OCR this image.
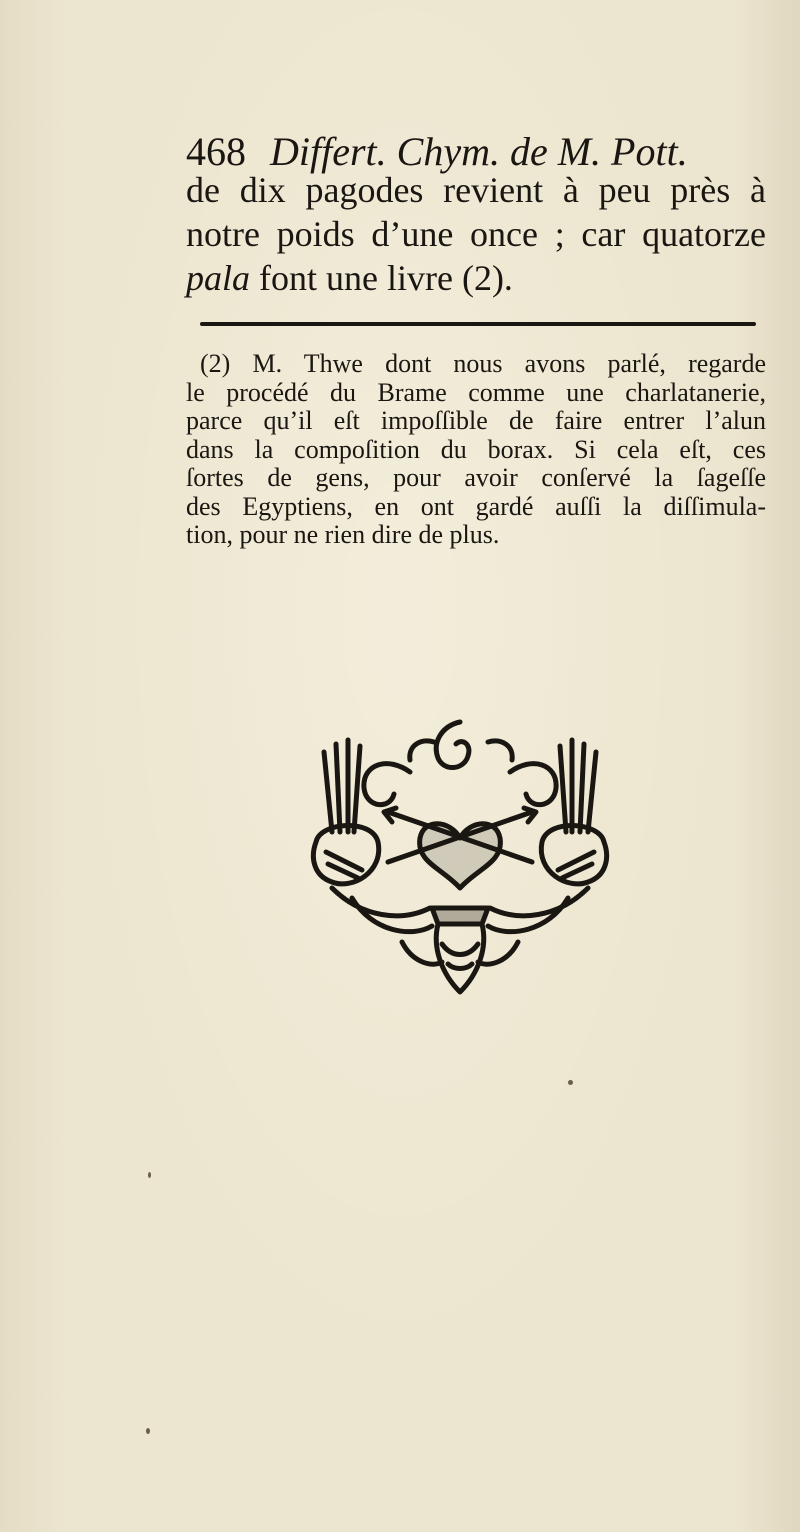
468 Differt. Chym. de M. Pott.
de dix pagodes revient à peu près à
notre poids d’une once ; car quatorze
pala font une livre (2).
(2) M. Thwe dont nous avons parlé, regarde
le procédé du Brame comme une charlatanerie,
parce qu’il eſt impoſſible de faire entrer l’alun
dans la compoſition du borax. Si cela eſt, ces
ſortes de gens, pour avoir conſervé la ſageſſe
des Egyptiens, en ont gardé auſſi la diſſimula-
tion, pour ne rien dire de plus.
